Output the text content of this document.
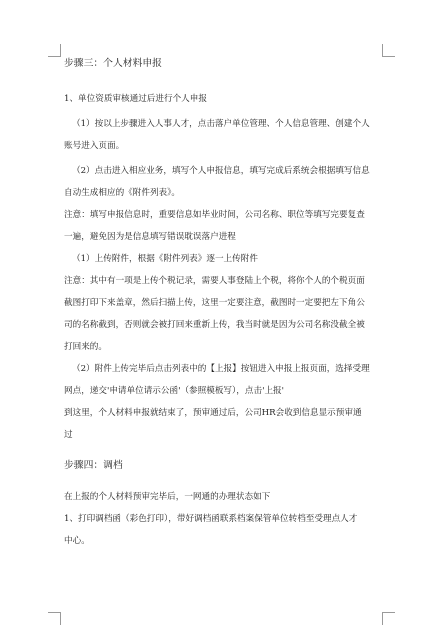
步骤三：个人材料申报

1、单位资质审核通过后进行个人申报

（1）按以上步骤进入人事人才，点击落户单位管理、个人信息管理、创建个人

账号进入页面。

（2）点击进入相应业务，填写个人申报信息，填写完成后系统会根据填写信息

自动生成相应的《附件列表》。

注意：填写申报信息时，重要信息如毕业时间，公司名称、职位等填写完要复查

一遍，避免因为是信息填写错误耽误落户进程

（1）上传附件，根据《附件列表》逐一上传附件

注意：其中有一项是上传个税记录，需要人事登陆上个税，将你个人的个税页面

截图打印下来盖章，然后扫描上传，这里一定要注意，截图时一定要把左下角公

司的名称截到，否则就会被打回来重新上传，我当时就是因为公司名称没截全被

打回来的。

（2）附件上传完毕后点击列表中的【上报】按钮进入申报上报页面，选择受理

网点，递交'申请单位请示公函'（参照模板写），点击'上报'

到这里，个人材料申报就结束了，预审通过后，公司HR会收到信息显示预审通

过

步骤四：调档

在上报的个人材料预审完毕后，一网通的办理状态如下

1、打印调档函（彩色打印），带好调档函联系档案保管单位转档至受理点人才

中心。
